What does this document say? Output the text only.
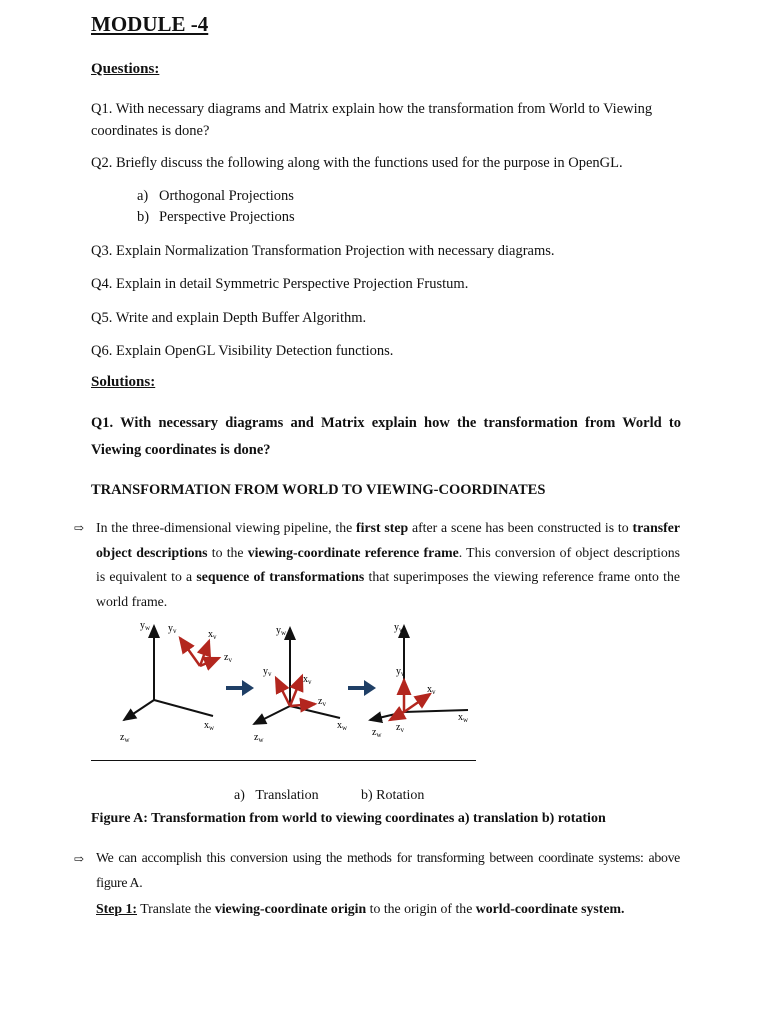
MODULE -4
Questions:
Q1. With necessary diagrams and Matrix explain how the transformation from World to Viewing coordinates is done?
Q2. Briefly discuss the following along with the functions used for the purpose in OpenGL.
a) Orthogonal Projections
b) Perspective Projections
Q3. Explain Normalization Transformation Projection with necessary diagrams.
Q4. Explain in detail Symmetric Perspective Projection Frustum.
Q5. Write and explain Depth Buffer Algorithm.
Q6. Explain OpenGL Visibility Detection functions.
Solutions:
Q1. With necessary diagrams and Matrix explain how the transformation from World to Viewing coordinates is done?
TRANSFORMATION FROM WORLD TO VIEWING-COORDINATES
⇨ In the three-dimensional viewing pipeline, the first step after a scene has been constructed is to transfer object descriptions to the viewing-coordinate reference frame. This conversion of object descriptions is equivalent to a sequence of transformations that superimposes the viewing reference frame onto the world frame.
$y_w$ $y_v$	$x_v$
$z_v$
$x_w$
$z_w$
$y_w$
$y_v$	$x_v$
$z_v$
$x_w$
$z_w$
$y_w$
$y_v$
$x_v$
$z_v$
$x_w$
$z_w$
a) Translation	b) Rotation
Figure A: Transformation from world to viewing coordinates a) translation b) rotation
⇨ We can accomplish this conversion using the methods for transforming between coordinate systems: above figure A.
Step 1: Translate the viewing-coordinate origin to the origin of the world-coordinate system.
